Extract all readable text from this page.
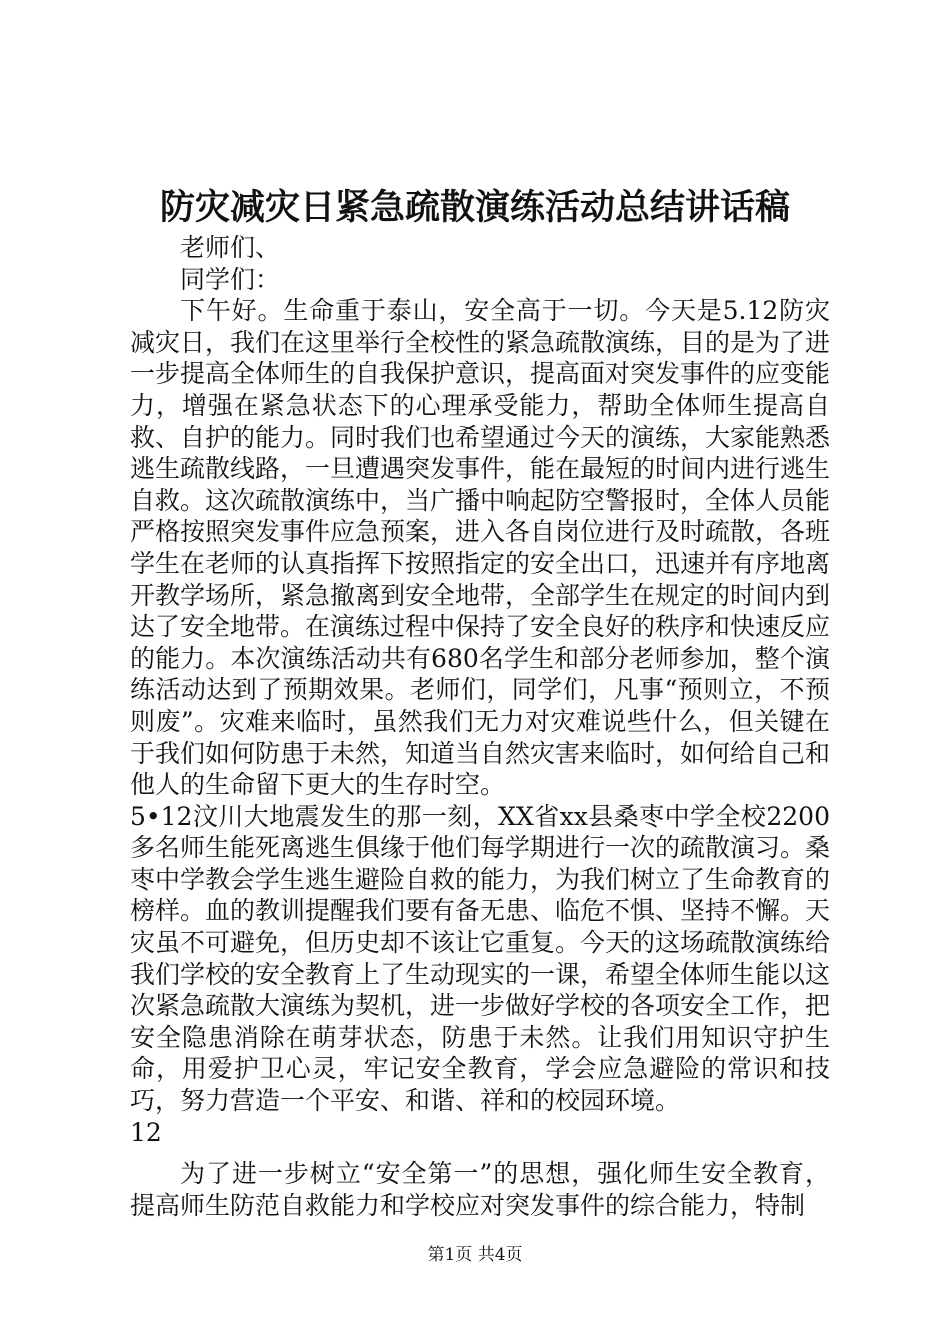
防灾减灾日紧急疏散演练活动总结讲话稿

老师们、

同学们：

下午好。生命重于泰山，安全高于一切。今天是5.12防灾减灾日，我们在这里举行全校性的紧急疏散演练，目的是为了进一步提高全体师生的自我保护意识，提高面对突发事件的应变能力，增强在紧急状态下的心理承受能力，帮助全体师生提高自救、自护的能力。同时我们也希望通过今天的演练，大家能熟悉逃生疏散线路，一旦遭遇突发事件，能在最短的时间内进行逃生自救。这次疏散演练中，当广播中响起防空警报时，全体人员能严格按照突发事件应急预案，进入各自岗位进行及时疏散，各班学生在老师的认真指挥下按照指定的安全出口，迅速并有序地离开教学场所，紧急撤离到安全地带，全部学生在规定的时间内到达了安全地带。在演练过程中保持了安全良好的秩序和快速反应的能力。本次演练活动共有680名学生和部分老师参加，整个演练活动达到了预期效果。老师们，同学们，凡事“预则立，不预则废”。灾难来临时，虽然我们无力对灾难说些什么，但关键在于我们如何防患于未然，知道当自然灾害来临时，如何给自己和他人的生命留下更大的生存时空。

5•12汶川大地震发生的那一刻，XX省xx县桑枣中学全校2200多名师生能死离逃生俱缘于他们每学期进行一次的疏散演习。桑枣中学教会学生逃生避险自救的能力，为我们树立了生命教育的榜样。血的教训提醒我们要有备无患、临危不惧、坚持不懈。天灾虽不可避免，但历史却不该让它重复。今天的这场疏散演练给我们学校的安全教育上了生动现实的一课，希望全体师生能以这次紧急疏散大演练为契机，进一步做好学校的各项安全工作，把安全隐患消除在萌芽状态，防患于未然。让我们用知识守护生命，用爱护卫心灵，牢记安全教育，学会应急避险的常识和技巧，努力营造一个平安、和谐、祥和的校园环境。

12

为了进一步树立“安全第一”的思想，强化师生安全教育，提高师生防范自救能力和学校应对突发事件的综合能力，特制

第1页 共4页
